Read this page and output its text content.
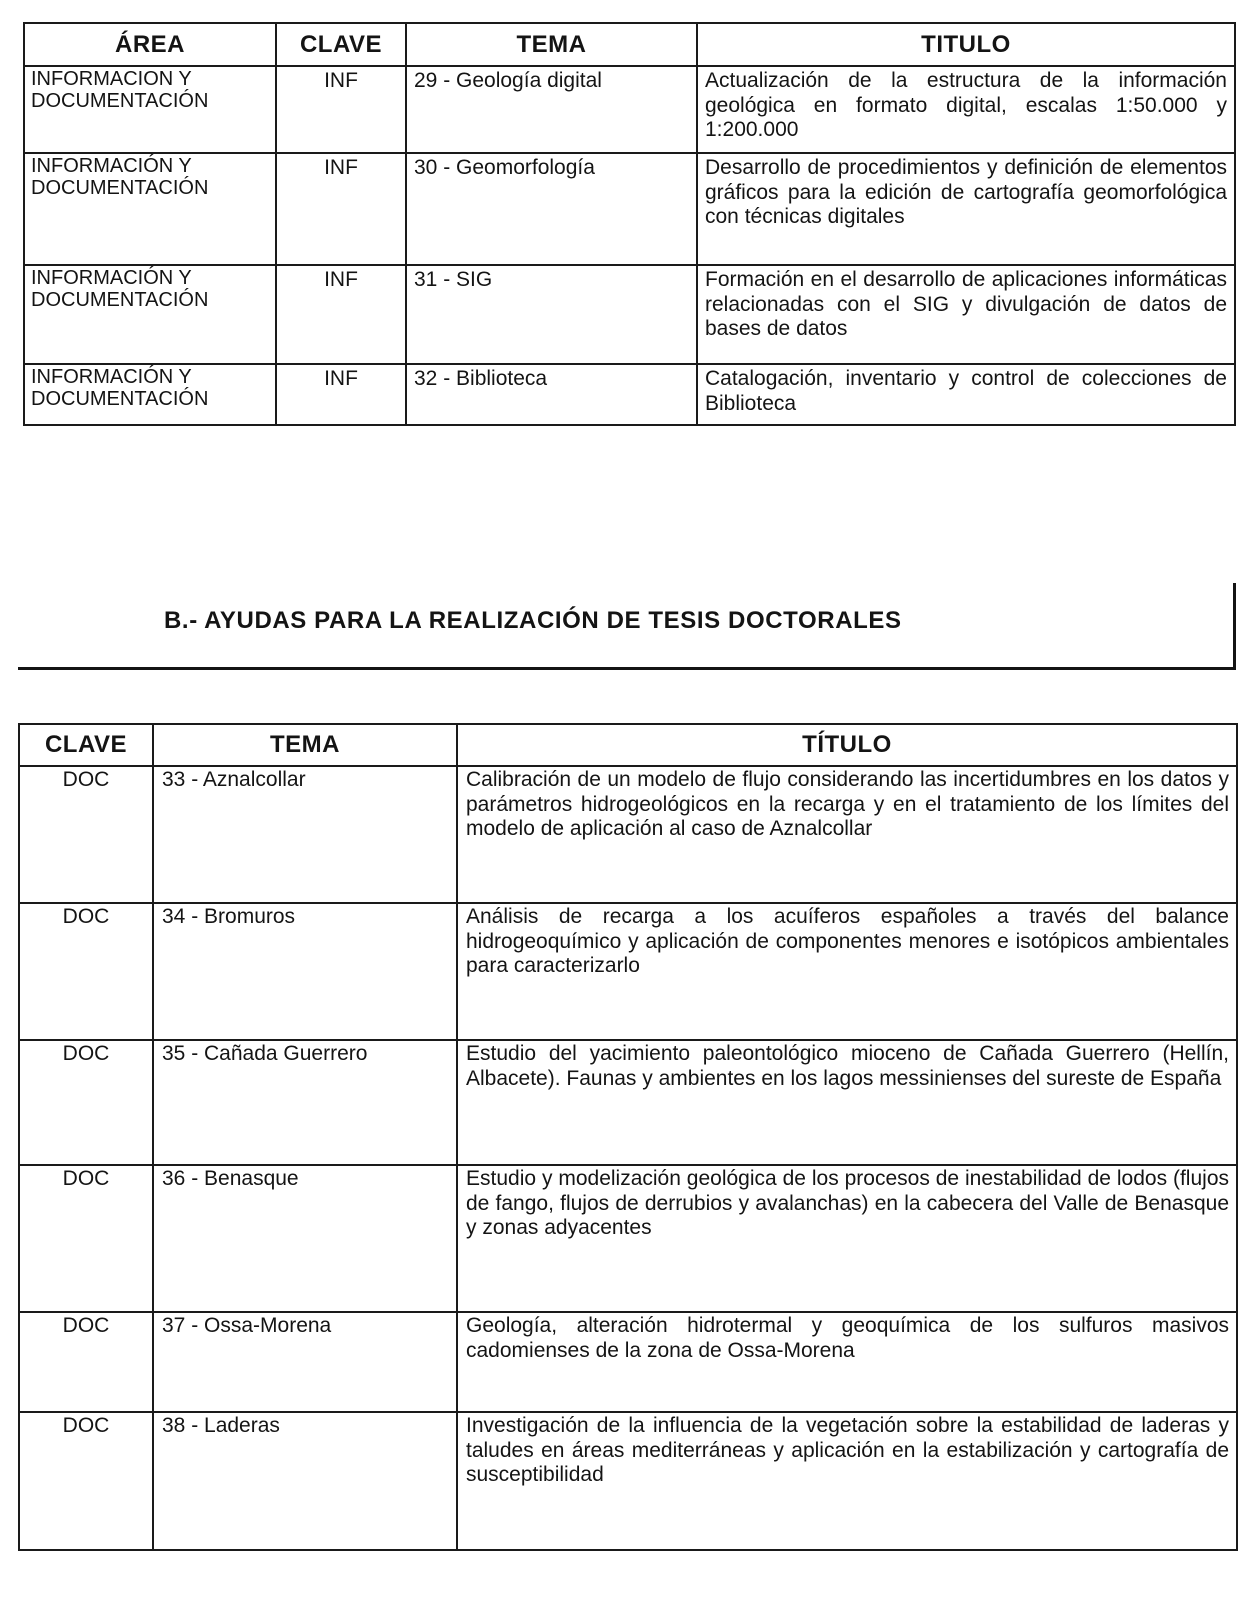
ÁREA	CLAVE	TEMA	TITULO
INFORMACION Y DOCUMENTACIÓN	INF	29 - Geología digital	Actualización de la estructura de la información geológica en formato digital, escalas 1:50.000 y 1:200.000
INFORMACIÓN Y DOCUMENTACIÓN	INF	30 - Geomorfología	Desarrollo de procedimientos y definición de elementos gráficos para la edición de cartografía geomorfológica con técnicas digitales
INFORMACIÓN Y DOCUMENTACIÓN	INF	31 - SIG	Formación en el desarrollo de aplicaciones informáticas relacionadas con el SIG y divulgación de datos de bases de datos
INFORMACIÓN Y DOCUMENTACIÓN	INF	32 - Biblioteca	Catalogación, inventario y control de colecciones de Biblioteca
B.- AYUDAS PARA LA REALIZACIÓN DE TESIS DOCTORALES
CLAVE	TEMA	TÍTULO
DOC	33 - Aznalcollar	Calibración de un modelo de flujo considerando las incertidumbres en los datos y parámetros hidrogeológicos en la recarga y en el tratamiento de los límites del modelo de aplicación al caso de Aznalcollar
DOC	34 - Bromuros	Análisis de recarga a los acuíferos españoles a través del balance hidrogeoquímico y aplicación de componentes menores e isotópicos ambientales para caracterizarlo
DOC	35 - Cañada Guerrero	Estudio del yacimiento paleontológico mioceno de Cañada Guerrero (Hellín, Albacete). Faunas y ambientes en los lagos messinienses del sureste de España
DOC	36 - Benasque	Estudio y modelización geológica de los procesos de inestabilidad de lodos (flujos de fango, flujos de derrubios y avalanchas) en la cabecera del Valle de Benasque y zonas adyacentes
DOC	37 - Ossa-Morena	Geología, alteración hidrotermal y geoquímica de los sulfuros masivos cadomienses de la zona de Ossa-Morena
DOC	38 - Laderas	Investigación de la influencia de la vegetación sobre la estabilidad de laderas y taludes en áreas mediterráneas y aplicación en la estabilización y cartografía de susceptibilidad
